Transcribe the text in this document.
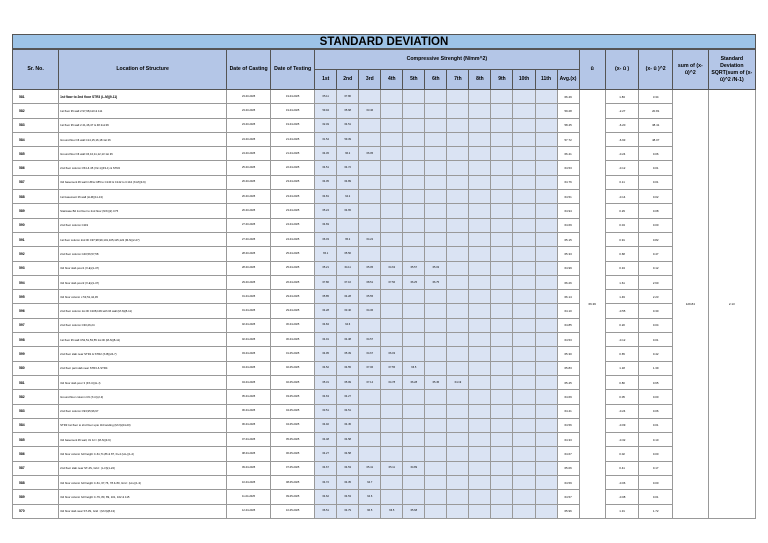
STANDARD DEVIATION
Sr. No.	Location of Structure	Date of Casting	Date of Testing	Compressive Strenght (N/mm^2)												ū	(x- ū )	(x- ū )^2	sum of (x- ū)^2	Standard Deviation SQRT(sum of (x-ū)^2 /N-1)
				1st	2nd	3rd	4th	5th	6th	7th	8th	9th	10th	11th	Avg.(x)					
581	1st floor to 2nd floor STR3 (L-M)(9-11)	23-03-2025	19-04-2025	65.11	67.86										66.49	66.36	1.83	3.34	129.84	2.13
582	1st floor lift wall 2 97,98,110 & 111	23-03-2025	19-04-2025	59.94	65.68	63.46									59.28		-2.27	20.81		
583	1st floor lift wall 2 41,46,47 & 48 2nd lift	23-03-2025	19-04-2025	62.49	64.51										58.45		-6.20	38.41		
584	Ground floor lift wall C14,15,16,18 1st lift	24-03-2025	21-04-2025	61.54	59.39										57.72		-6.93	48.07		
585	Ground floor lift wall C6,10,11,12,13 1st lift	24-03-2025	21-04-2025	64.45	66.2	66.05									66.41		-0.24	0.06		
586	2nd floor column C54 & 45 (X2-1)(F3-1) & STR2	25-03-2025	22-04-2025	64.51	64.72										64.53		-0.12	0.01		
587	3rd basement lift wall in B/w C85 to C140 & C142 to C144 (X-M)(3-9)	26-03-2025	23-04-2025	64.05	64.89										64.76		0.11	0.01		
588	1st basement lift wall (H-M)(11-13)	26-03-2025	23-04-2025	64.81	64.2										64.51		-0.14	0.02		
589	Staircase B2 1st floor to 2nd floor (N/K)(2) C75	26-03-2025	23-04-2025	65.24	64.65										64.94		0.29	0.08		
590	2nd floor column C119	27-03-2025	24-04-2025	64.69											64.69		0.04	0.00		
591	1st floor column 2nd lift C97,98,99,101,105,115,122 (M-N)(2-27)	27-03-2025	24-04-2025	66.03	65.2	64.22									65.15		0.91	0.82		
592	2nd floor column C40,56,57,58	28-03-2025	25-04-2025	65.1	65.56										65.33		0.68	0.47		
593	3rd floor slab pour1 (X-E)(1-47)	28-03-2025	25-04-2025	65.21	64.11	65.05	64.63	65.57	65.03						64.99		0.34	0.12		
594	3rd floor slab pour2 (X-E)(1-47)	29-03-2025	26-04-2025	67.86	67.16	68.51	67.56	66.25	66.75						66.26		1.61	2.60		
595	3rd floor column c 53,51,44,45	01-04-2025	29-04-2025	65.85	64.28	65.55									66.14		1.49	2.23		
596	2nd floor column 1st lift C108,109 with lift wall (M-N)(8-11)	01-04-2025	29-04-2025	64.28	63.46	64.36									64.10		-0.55	0.30		
597	2nd floor column C30,26,24	02-04-2025	30-04-2025	64.84	64.6										64.85		0.20	0.04		
598	1st floor lift wall C52,51,53,55 1st lift (M-N)(8-11)	02-04-2025	30-04-2025	64.91	64.38	64.57									64.53		-0.12	0.01		
599	2nd floor slab near STR1 & STR2 (X-B)(24-7)	03-04-2025	01-05-2025	64.95	65.39	64.67	66.03								65.30		0.65	0.42		
580	2nd floor part slab near STR3 & STR4	04-04-2025	02-05-2025	64.52	64.55	67.06	67.55	66.5							65.83		1.18	1.39		
581	3rd floor slab pour 3 (FX-C)(H-J)	04-04-2025	02-05-2025	65.31	65.99	67.14	64.78	66.28	65.45	64.19					65.45		0.80	0.65		
582	Ground floor column C9 (X-C)(2-3)	05-04-2025	03-05-2025	64.63	64.27										64.69		0.05	0.00		
583	2nd floor column C93,95,96,97	06-04-2025	04-05-2025	63.51	64.51										64.41		-0.24	0.06		
584	STR3 1st floor to 2nd floor upto 3rd landing (M-N)(24-20)	06-04-2025	04-05-2025	64.92	64.45										64.56		-0.09	0.01		
585	3rd basement lift wall, 31 lvl = (M-N)(3-6)	07-04-2025	05-05-2025	64.48	64.58										64.33		-0.32	0.10		
586	3rd floor column full height C-61,71,86 & 87, D+4 (H-L)(1-2)	08-04-2025	06-05-2025	64.27	64.58										64.67		0.02	0.00		
587	2nd floor slab near ST-4S, Grid : (L-N)(1-24)	09-04-2025	07-05-2025	64.67	64.53	65.41	65.11	64.89							65.06		0.41	0.17		
588	3rd floor column full height C-61, 67,76, 78 & 80, Grid : (H-L)(1-3)	10-04-2025	08-05-2025	64.72	64.35	64.7									64.59		-0.06	0.00		
589	3rd floor column full height C-79, 80, 89, 101, 102 & 115	11-04-2025	09-05-2025	64.62	64.53	64.6									64.57		-0.08	0.01		
570	3rd floor slab near ST-3S, Grid : (M-N)(8-13)	12-04-2025	10-05-2025	66.51	64.79	66.5	66.5	65.68							65.96		1.31	1.72		
